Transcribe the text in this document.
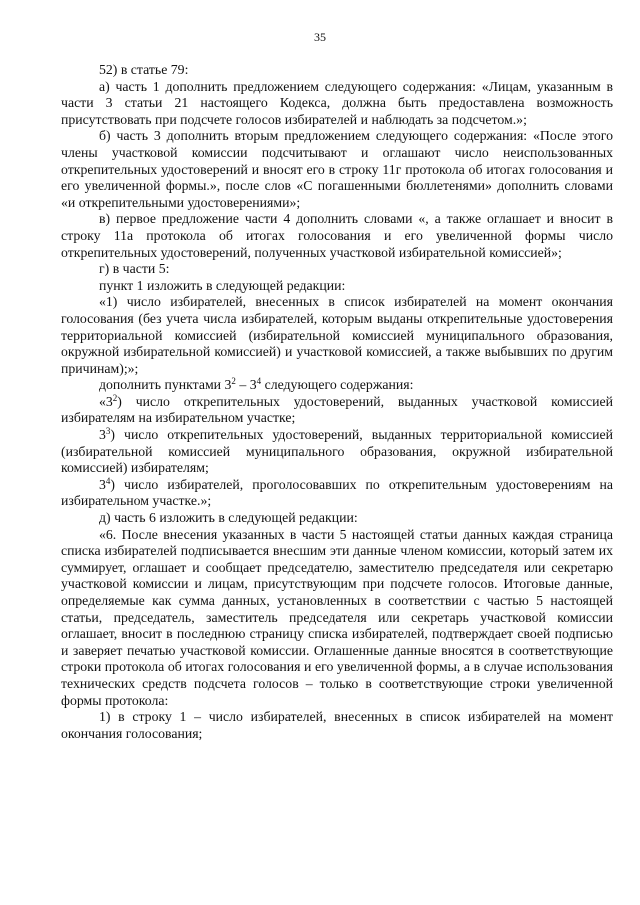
35

52) в статье 79:

а) часть 1 дополнить предложением следующего содержания: «Лицам, указанным в части 3 статьи 21 настоящего Кодекса, должна быть предоставлена возможность присутствовать при подсчете голосов избирателей и наблюдать за подсчетом.»;

б) часть 3 дополнить вторым предложением следующего содержания: «После этого члены участковой комиссии подсчитывают и оглашают число неиспользованных открепительных удостоверений и вносят его в строку 11г протокола об итогах голосования и его увеличенной формы.», после слов «С погашенными бюллетенями» дополнить словами «и открепительными удостоверениями»;

в) первое предложение части 4 дополнить словами «, а также оглашает и вносит в строку 11а протокола об итогах голосования и его увеличенной формы число открепительных удостоверений, полученных участковой избирательной комиссией»;

г) в части 5:

пункт 1 изложить в следующей редакции:

«1) число избирателей, внесенных в список избирателей на момент окончания голосования (без учета числа избирателей, которым выданы открепительные удостоверения территориальной комиссией (избирательной комиссией муниципального образования, окружной избирательной комиссией) и участковой комиссией, а также выбывших по другим причинам);»;

дополнить пунктами $3^2 - 3^4$ следующего содержания:

«$3^2$) число открепительных удостоверений, выданных участковой комиссией избирателям на избирательном участке;

$3^3$) число открепительных удостоверений, выданных территориальной комиссией (избирательной комиссией муниципального образования, окружной избирательной комиссией) избирателям;

$3^4$) число избирателей, проголосовавших по открепительным удостоверениям на избирательном участке.»;

д) часть 6 изложить в следующей редакции:

«6. После внесения указанных в части 5 настоящей статьи данных каждая страница списка избирателей подписывается внесшим эти данные членом комиссии, который затем их суммирует, оглашает и сообщает председателю, заместителю председателя или секретарю участковой комиссии и лицам, присутствующим при подсчете голосов. Итоговые данные, определяемые как сумма данных, установленных в соответствии с частью 5 настоящей статьи, председатель, заместитель председателя или секретарь участковой комиссии оглашает, вносит в последнюю страницу списка избирателей, подтверждает своей подписью и заверяет печатью участковой комиссии. Оглашенные данные вносятся в соответствующие строки протокола об итогах голосования и его увеличенной формы, а в случае использования технических средств подсчета голосов – только в соответствующие строки увеличенной формы протокола:

1) в строку 1 – число избирателей, внесенных в список избирателей на момент окончания голосования;
